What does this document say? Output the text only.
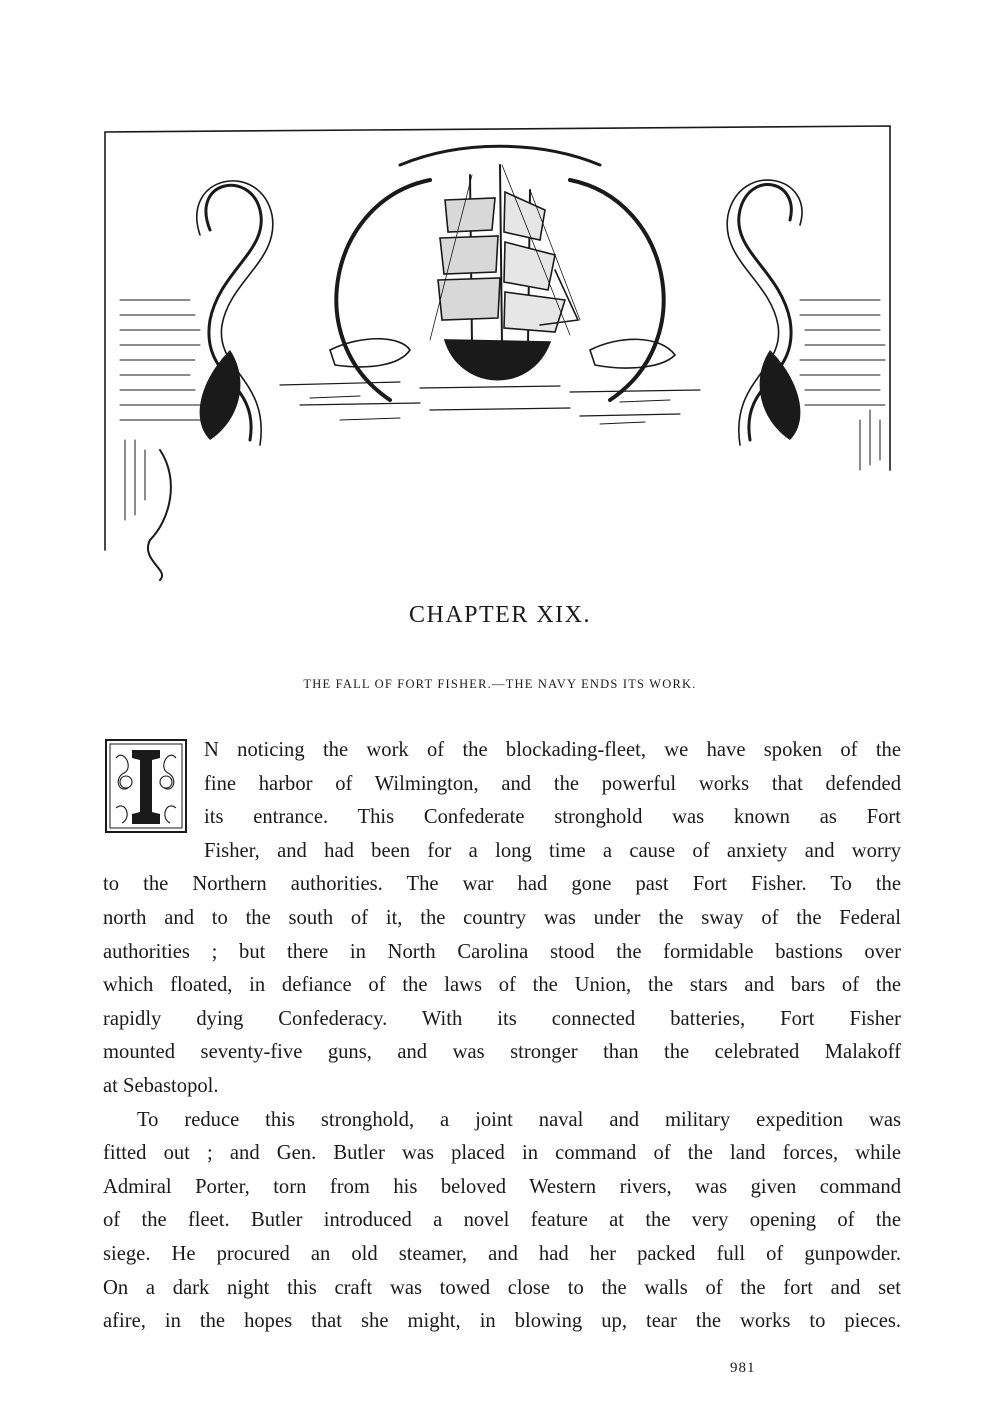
CHAPTER XIX.
THE FALL OF FORT FISHER.—THE NAVY ENDS ITS WORK.
N noticing the work of the blockading-fleet, we have spoken of the
fine harbor of Wilmington, and the powerful works that defended
its entrance. This Confederate stronghold was known as Fort
Fisher, and had been for a long time a cause of anxiety and worry
to the Northern authorities. The war had gone past Fort Fisher. To the
north and to the south of it, the country was under the sway of the Federal
authorities ; but there in North Carolina stood the formidable bastions over
which floated, in defiance of the laws of the Union, the stars and bars of the
rapidly dying Confederacy. With its connected batteries, Fort Fisher
mounted seventy-five guns, and was stronger than the celebrated Malakoff
at Sebastopol.
To reduce this stronghold, a joint naval and military expedition was
fitted out ; and Gen. Butler was placed in command of the land forces, while
Admiral Porter, torn from his beloved Western rivers, was given command
of the fleet. Butler introduced a novel feature at the very opening of the
siege. He procured an old steamer, and had her packed full of gunpowder.
On a dark night this craft was towed close to the walls of the fort and set
afire, in the hopes that she might, in blowing up, tear the works to pieces.
981
